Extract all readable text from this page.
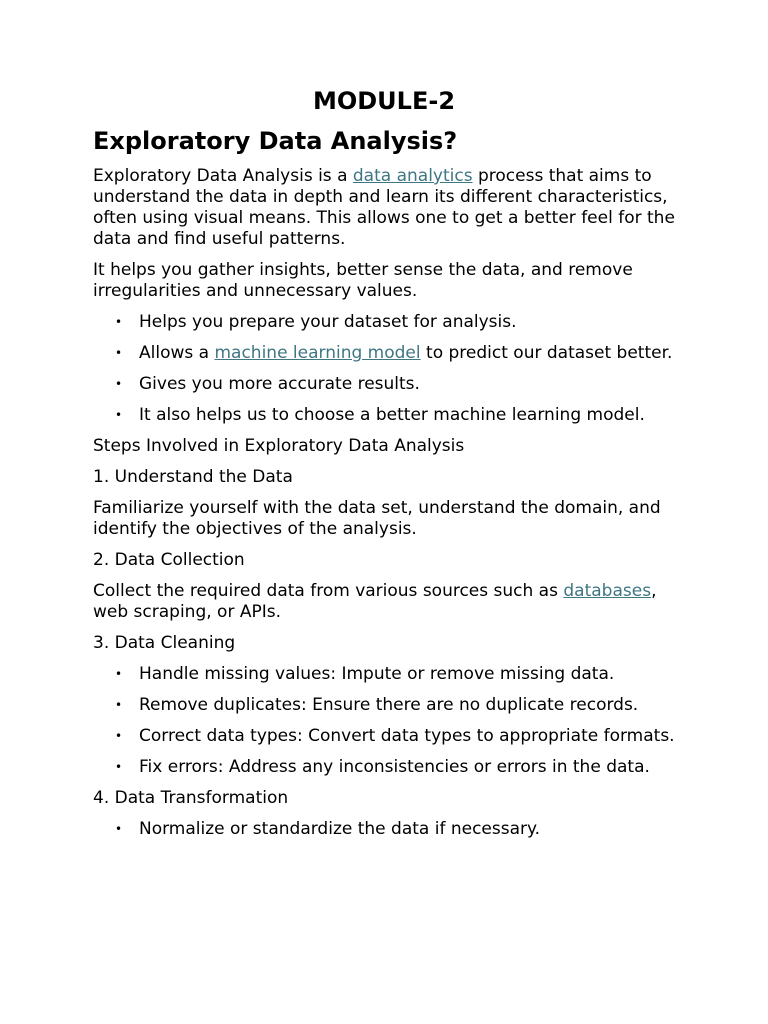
MODULE-2
Exploratory Data Analysis?

Exploratory Data Analysis is a data analytics process that aims to understand the data in depth and learn its different characteristics, often using visual means. This allows one to get a better feel for the data and find useful patterns.

It helps you gather insights, better sense the data, and remove irregularities and unnecessary values.

• Helps you prepare your dataset for analysis.
• Allows a machine learning model to predict our dataset better.
• Gives you more accurate results.
• It also helps us to choose a better machine learning model.

Steps Involved in Exploratory Data Analysis

1. Understand the Data

Familiarize yourself with the data set, understand the domain, and identify the objectives of the analysis.

2. Data Collection

Collect the required data from various sources such as databases, web scraping, or APIs.

3. Data Cleaning

• Handle missing values: Impute or remove missing data.
• Remove duplicates: Ensure there are no duplicate records.
• Correct data types: Convert data types to appropriate formats.
• Fix errors: Address any inconsistencies or errors in the data.

4. Data Transformation

• Normalize or standardize the data if necessary.
